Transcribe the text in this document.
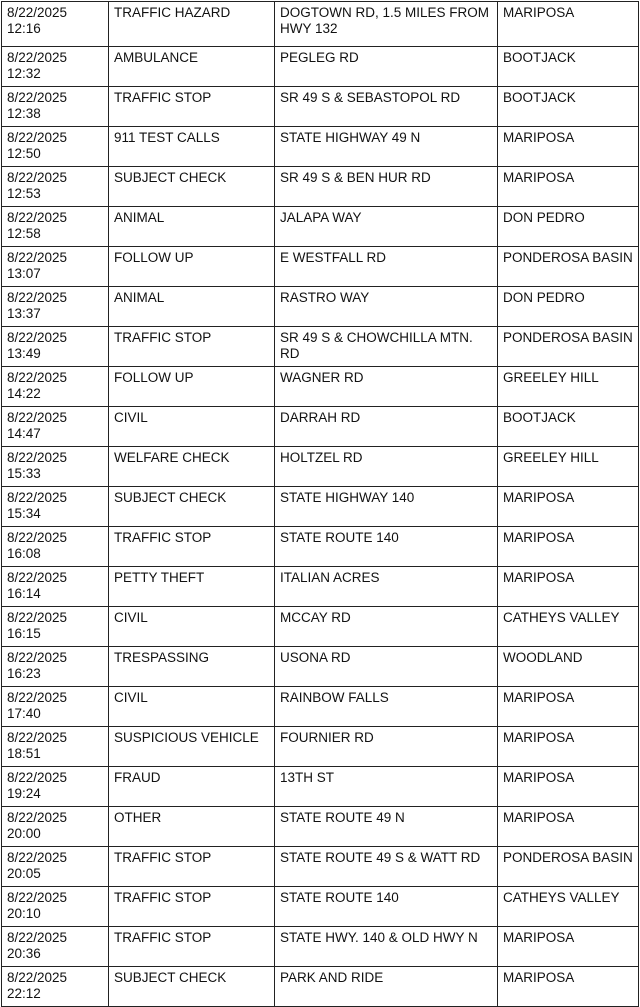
8/22/2025 12:16	TRAFFIC HAZARD	DOGTOWN RD, 1.5 MILES FROM HWY 132	MARIPOSA
8/22/2025 12:32	AMBULANCE	PEGLEG RD	BOOTJACK
8/22/2025 12:38	TRAFFIC STOP	SR 49 S & SEBASTOPOL RD	BOOTJACK
8/22/2025 12:50	911 TEST CALLS	STATE HIGHWAY 49 N	MARIPOSA
8/22/2025 12:53	SUBJECT CHECK	SR 49 S & BEN HUR RD	MARIPOSA
8/22/2025 12:58	ANIMAL	JALAPA WAY	DON PEDRO
8/22/2025 13:07	FOLLOW UP	E WESTFALL RD	PONDEROSA BASIN
8/22/2025 13:37	ANIMAL	RASTRO WAY	DON PEDRO
8/22/2025 13:49	TRAFFIC STOP	SR 49 S & CHOWCHILLA MTN. RD	PONDEROSA BASIN
8/22/2025 14:22	FOLLOW UP	WAGNER RD	GREELEY HILL
8/22/2025 14:47	CIVIL	DARRAH RD	BOOTJACK
8/22/2025 15:33	WELFARE CHECK	HOLTZEL RD	GREELEY HILL
8/22/2025 15:34	SUBJECT CHECK	STATE HIGHWAY 140	MARIPOSA
8/22/2025 16:08	TRAFFIC STOP	STATE ROUTE 140	MARIPOSA
8/22/2025 16:14	PETTY THEFT	ITALIAN ACRES	MARIPOSA
8/22/2025 16:15	CIVIL	MCCAY RD	CATHEYS VALLEY
8/22/2025 16:23	TRESPASSING	USONA RD	WOODLAND
8/22/2025 17:40	CIVIL	RAINBOW FALLS	MARIPOSA
8/22/2025 18:51	SUSPICIOUS VEHICLE	FOURNIER RD	MARIPOSA
8/22/2025 19:24	FRAUD	13TH ST	MARIPOSA
8/22/2025 20:00	OTHER	STATE ROUTE 49 N	MARIPOSA
8/22/2025 20:05	TRAFFIC STOP	STATE ROUTE 49 S & WATT RD	PONDEROSA BASIN
8/22/2025 20:10	TRAFFIC STOP	STATE ROUTE 140	CATHEYS VALLEY
8/22/2025 20:36	TRAFFIC STOP	STATE HWY. 140 & OLD HWY N	MARIPOSA
8/22/2025 22:12	SUBJECT CHECK	PARK AND RIDE	MARIPOSA
